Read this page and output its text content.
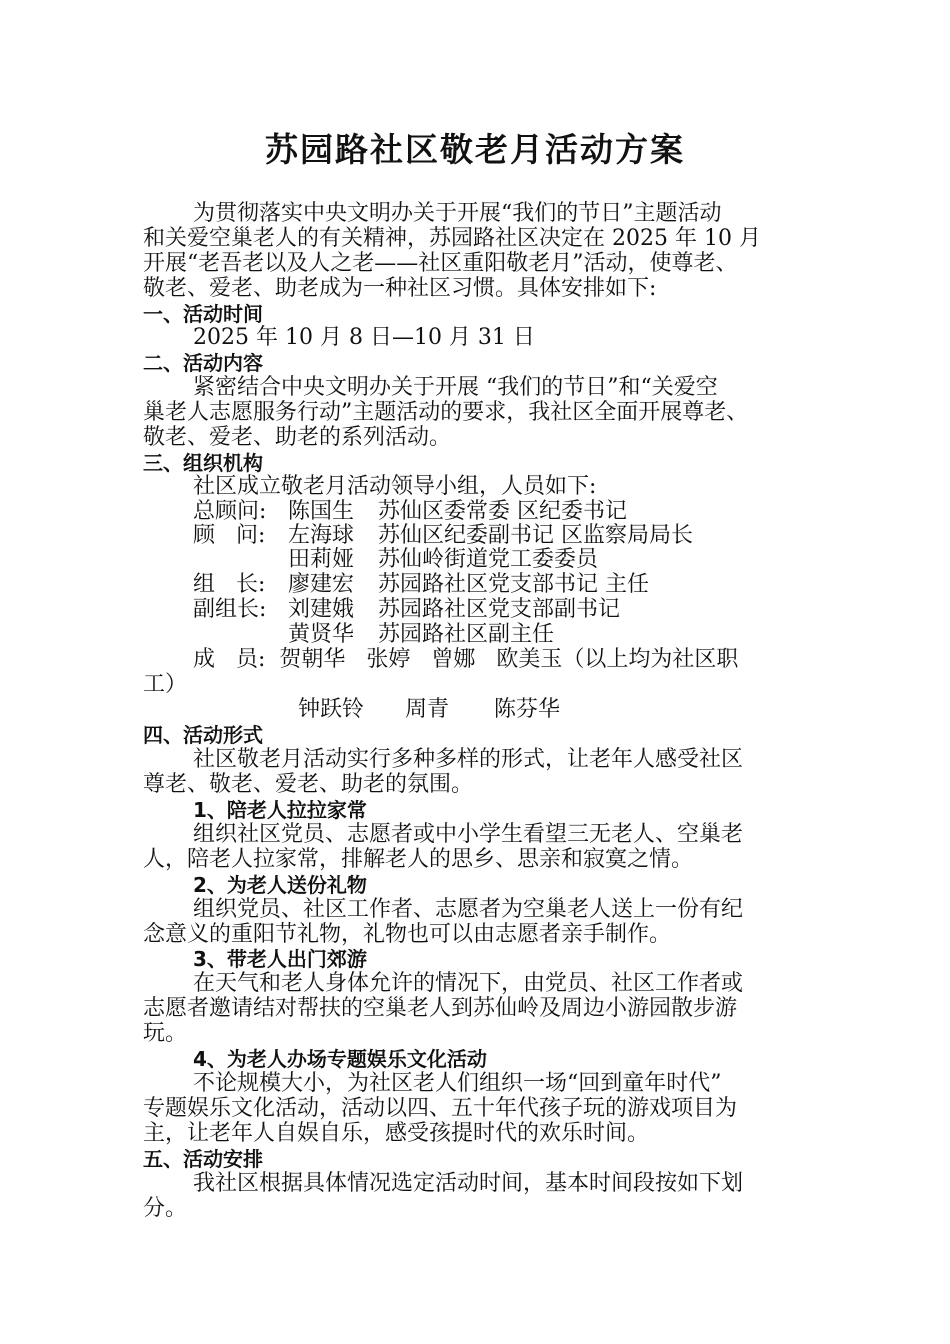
苏园路社区敬老月活动方案
为贯彻落实中央文明办关于开展“我们的节日”主题活动
和关爱空巢老人的有关精神，苏园路社区决定在 2025 年 10 月
开展“老吾老以及人之老——社区重阳敬老月”活动，使尊老、
敬老、爱老、助老成为一种社区习惯。具体安排如下:
一、活动时间
2025 年 10 月 8 日—10 月 31 日
二、活动内容
紧密结合中央文明办关于开展 “我们的节日”和“关爱空
巢老人志愿服务行动”主题活动的要求，我社区全面开展尊老、
敬老、爱老、助老的系列活动。
三、组织机构
社区成立敬老月活动领导小组，人员如下:
总顾问: 陈国生 苏仙区委常委 区纪委书记
顾   问: 左海球 苏仙区纪委副书记 区监察局局长
田莉娅 苏仙岭街道党工委委员
组   长: 廖建宏 苏园路社区党支部书记 主任
副组长: 刘建娥 苏园路社区党支部副书记
黄贤华 苏园路社区副主任
成   员:  贺朝华   张婷   曾娜   欧美玉（以上均为社区职
工）
钟跃铃 周青 陈芬华
四、活动形式
社区敬老月活动实行多种多样的形式，让老年人感受社区
尊老、敬老、爱老、助老的氛围。
1、陪老人拉拉家常
组织社区党员、志愿者或中小学生看望三无老人、空巢老
人，陪老人拉家常，排解老人的思乡、思亲和寂寞之情。
2、为老人送份礼物
组织党员、社区工作者、志愿者为空巢老人送上一份有纪
念意义的重阳节礼物，礼物也可以由志愿者亲手制作。
3、带老人出门郊游
在天气和老人身体允许的情况下，由党员、社区工作者或
志愿者邀请结对帮扶的空巢老人到苏仙岭及周边小游园散步游
玩。
4、为老人办场专题娱乐文化活动
不论规模大小，为社区老人们组织一场“回到童年时代”
专题娱乐文化活动，活动以四、五十年代孩子玩的游戏项目为
主，让老年人自娱自乐，感受孩提时代的欢乐时间。
五、活动安排
我社区根据具体情况选定活动时间，基本时间段按如下划
分。
